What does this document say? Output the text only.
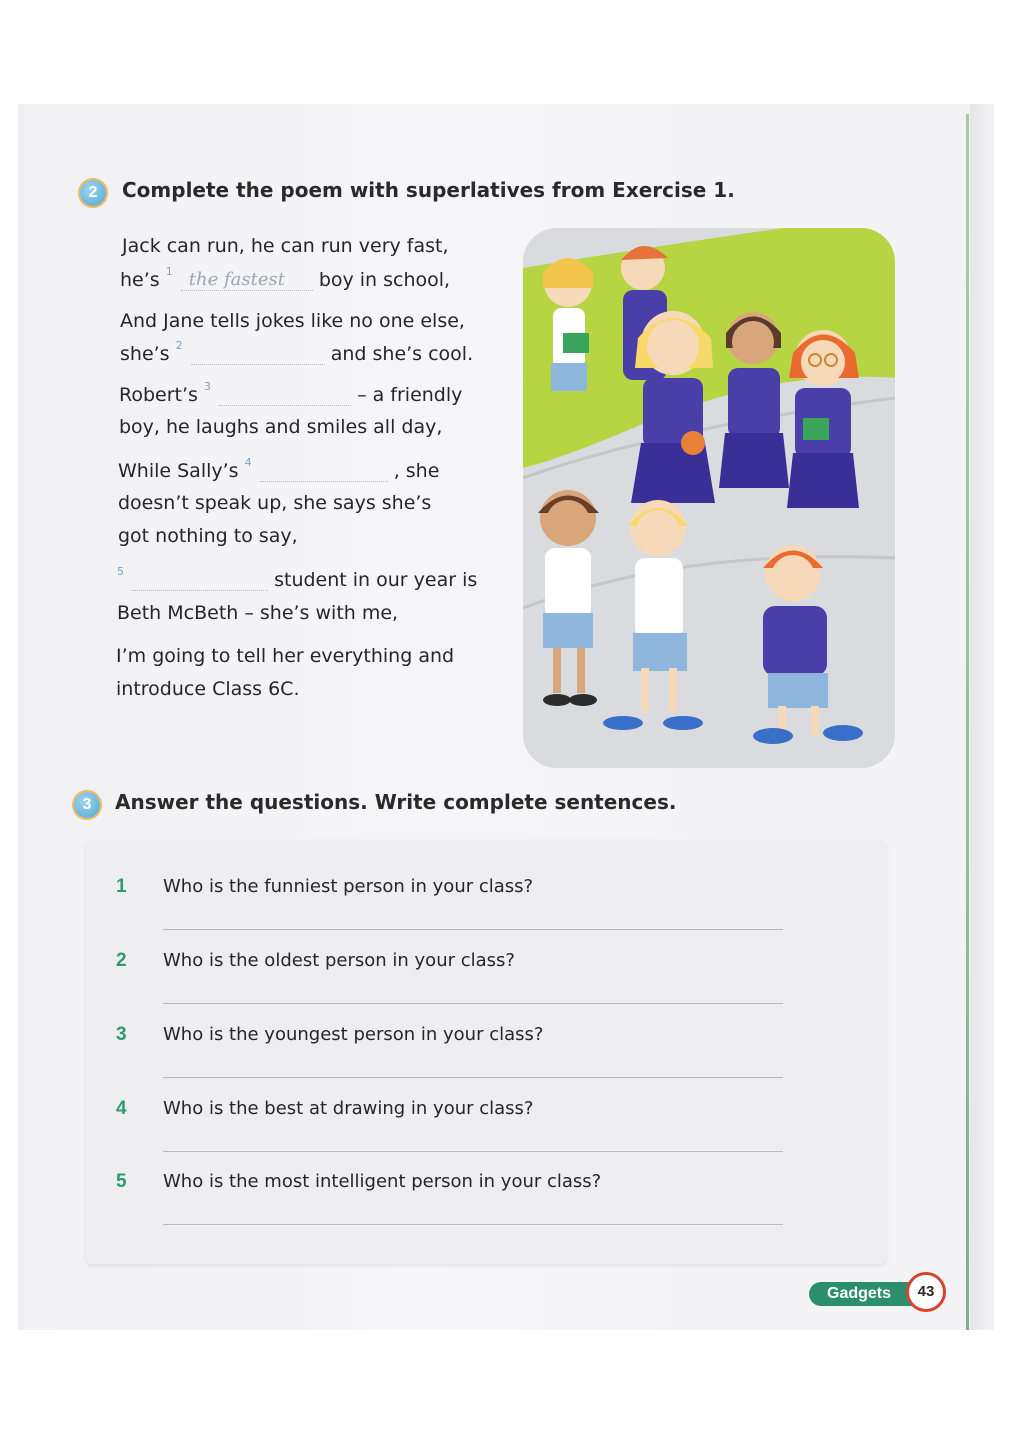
2	Complete the poem with superlatives from Exercise 1.
Jack can run, he can run very fast,
he’s $^1$ the fastest boy in school,
And Jane tells jokes like no one else,
she’s $^2$	and she’s cool.
Robert’s $^3$	– a friendly
boy, he laughs and smiles all day,
While Sally’s $^4$	, she
doesn’t speak up, she says she’s
got nothing to say,
$^5$	student in our year is
Beth McBeth – she’s with me,
I’m going to tell her everything and
introduce Class 6C.
3	Answer the questions. Write complete sentences.
1 Who is the funniest person in your class?
2 Who is the oldest person in your class?
3 Who is the youngest person in your class?
4 Who is the best at drawing in your class?
5 Who is the most intelligent person in your class?
Gadgets	43
